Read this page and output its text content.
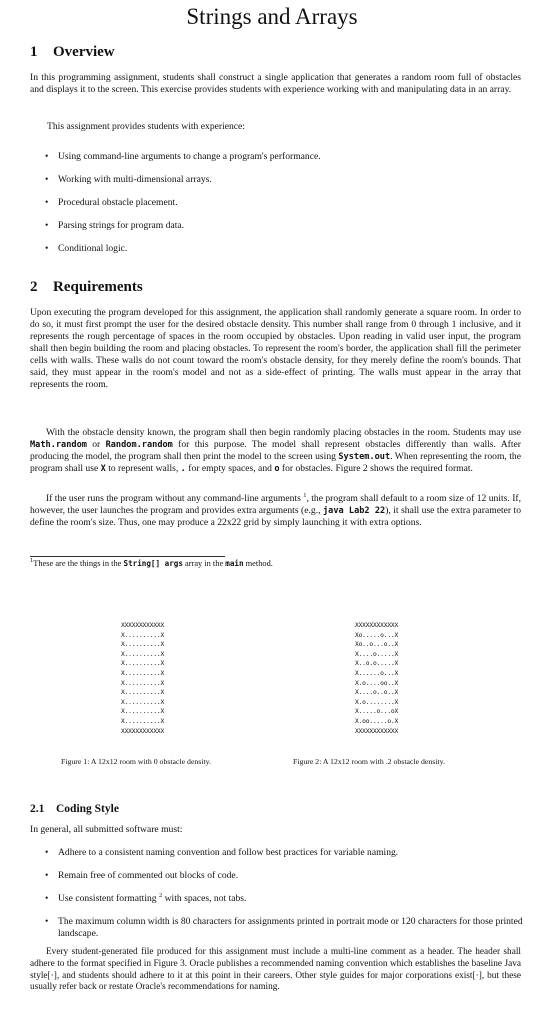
Strings and Arrays
1 Overview
In this programming assignment, students shall construct a single application that generates a random room full of obstacles and displays it to the screen. This exercise provides students with experience working with and manipulating data in an array.
This assignment provides students with experience:
• Using command-line arguments to change a program's performance.
• Working with multi-dimensional arrays.
• Procedural obstacle placement.
• Parsing strings for program data.
• Conditional logic.
2 Requirements
Upon executing the program developed for this assignment, the application shall randomly generate a square room. In order to do so, it must first prompt the user for the desired obstacle density. This number shall range from 0 through 1 inclusive, and it represents the rough percentage of spaces in the room occupied by obstacles. Upon reading in valid user input, the program shall then begin building the room and placing obstacles. To represent the room's border, the application shall fill the perimeter cells with walls. These walls do not count toward the room's obstacle density, for they merely define the room's bounds. That said, they must appear in the room's model and not as a side-effect of printing. The walls must appear in the array that represents the room.
With the obstacle density known, the program shall then begin randomly placing obstacles in the room. Students may use Math.random or Random.random for this purpose. The model shall represent obstacles differently than walls. After producing the model, the program shall then print the model to the screen using System.out. When representing the room, the program shall use X to represent walls, . for empty spaces, and o for obstacles. Figure 2 shows the required format.
If the user runs the program without any command-line arguments $^1$, the program shall default to a room size of 12 units. If, however, the user launches the program and provides extra arguments (e.g., java Lab2 22), it shall use the extra parameter to define the room's size. Thus, one may produce a 22x22 grid by simply launching it with extra options.
$^1$These are the things in the String[] args array in the main method.
XXXXXXXXXXXX
X..........X
X..........X
X..........X
X..........X
X..........X
X..........X
X..........X
X..........X
X..........X
X..........X
XXXXXXXXXXXX
Figure 1: A 12x12 room with 0 obstacle density.
XXXXXXXXXXXX
Xo.....o...X
Xo..o...o..X
X....o.....X
X..o.o.....X
X......o...X
X.o....oo..X
X....o..o..X
X.o........X
X.....o...oX
X.oo.....o.X
XXXXXXXXXXXX
Figure 2: A 12x12 room with .2 obstacle density.
2.1 Coding Style
In general, all submitted software must:
• Adhere to a consistent naming convention and follow best practices for variable naming.
• Remain free of commented out blocks of code.
• Use consistent formatting $^2$ with spaces, not tabs.
• The maximum column width is 80 characters for assignments printed in portrait mode or 120 characters for those printed landscape.
Every student-generated file produced for this assignment must include a multi-line comment as a header. The header shall adhere to the format specified in Figure 3. Oracle publishes a recommended naming convention which establishes the baseline Java style[·], and students should adhere to it at this point in their careers. Other style guides for major corporations exist[·], but these usually refer back or restate Oracle's recommendations for naming.
